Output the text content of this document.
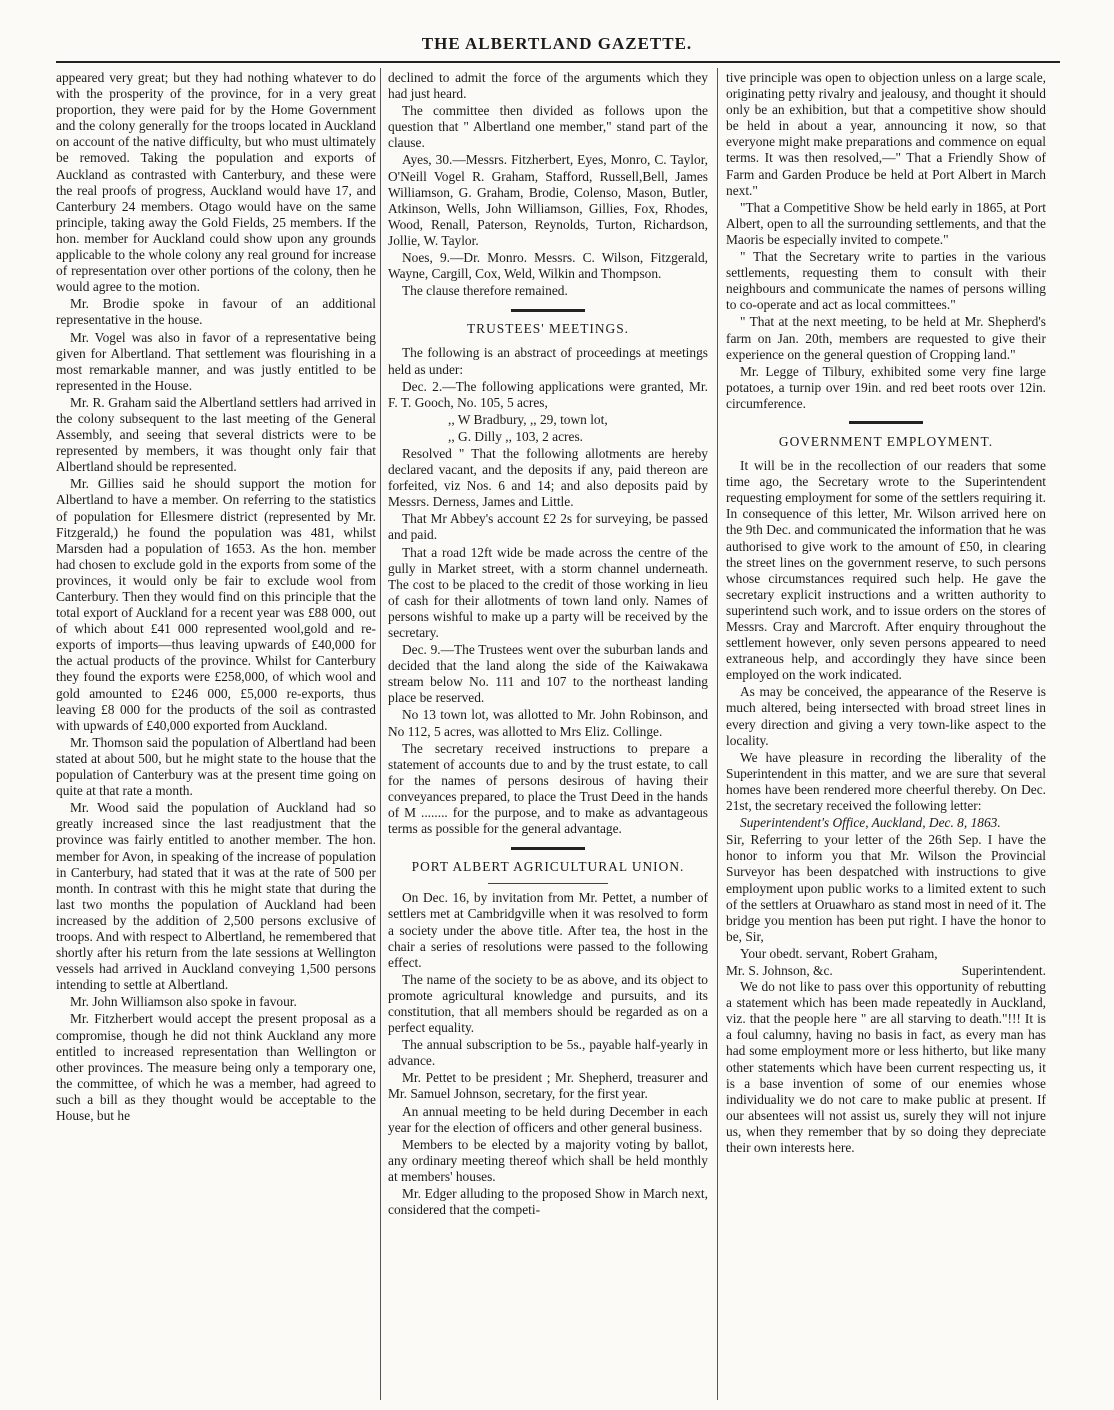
THE ALBERTLAND GAZETTE.

appeared very great; but they had nothing whatever to do with the prosperity of the province, for in a very great proportion, they were paid for by the Home Government and the colony generally for the troops located in Auckland on account of the native difficulty, but who must ultimately be removed. Taking the population and exports of Auckland as contrasted with Canterbury, and these were the real proofs of progress, Auckland would have 17, and Canterbury 24 members. Otago would have on the same principle, taking away the Gold Fields, 25 members. If the hon. member for Auckland could show upon any grounds applicable to the whole colony any real ground for increase of representation over other portions of the colony, then he would agree to the motion.

Mr. Brodie spoke in favour of an additional representative in the house.

Mr. Vogel was also in favor of a representative being given for Albertland. That settlement was flourishing in a most remarkable manner, and was justly entitled to be represented in the House.

Mr. R. Graham said the Albertland settlers had arrived in the colony subsequent to the last meeting of the General Assembly, and seeing that several districts were to be represented by members, it was thought only fair that Albertland should be represented.

Mr. Gillies said he should support the motion for Albertland to have a member. On referring to the statistics of population for Ellesmere district (represented by Mr. Fitzgerald,) he found the population was 481, whilst Marsden had a population of 1653. As the hon. member had chosen to exclude gold in the exports from some of the provinces, it would only be fair to exclude wool from Canterbury. Then they would find on this principle that the total export of Auckland for a recent year was £88 000, out of which about £41 000 represented wool,gold and re-exports of imports—thus leaving upwards of £40,000 for the actual products of the province. Whilst for Canterbury they found the exports were £258,000, of which wool and gold amounted to £246 000, £5,000 re-exports, thus leaving £8 000 for the products of the soil as contrasted with upwards of £40,000 exported from Auckland.

Mr. Thomson said the population of Albertland had been stated at about 500, but he might state to the house that the population of Canterbury was at the present time going on quite at that rate a month.

Mr. Wood said the population of Auckland had so greatly increased since the last readjustment that the province was fairly entitled to another member. The hon. member for Avon, in speaking of the increase of population in Canterbury, had stated that it was at the rate of 500 per month. In contrast with this he might state that during the last two months the population of Auckland had been increased by the addition of 2,500 persons exclusive of troops. And with respect to Albertland, he remembered that shortly after his return from the late sessions at Wellington vessels had arrived in Auckland conveying 1,500 persons intending to settle at Albertland.

Mr. John Williamson also spoke in favour.

Mr. Fitzherbert would accept the present proposal as a compromise, though he did not think Auckland any more entitled to increased representation than Wellington or other provinces. The measure being only a temporary one, the committee, of which he was a member, had agreed to such a bill as they thought would be acceptable to the House, but he

declined to admit the force of the arguments which they had just heard.

The committee then divided as follows upon the question that " Albertland one member," stand part of the clause.

Ayes, 30.—Messrs. Fitzherbert, Eyes, Monro, C. Taylor, O'Neill Vogel R. Graham, Stafford, Russell,Bell, James Williamson, G. Graham, Brodie, Colenso, Mason, Butler, Atkinson, Wells, John Williamson, Gillies, Fox, Rhodes, Wood, Renall, Paterson, Reynolds, Turton, Richardson, Jollie, W. Taylor.

Noes, 9.—Dr. Monro. Messrs. C. Wilson, Fitzgerald, Wayne, Cargill, Cox, Weld, Wilkin and Thompson.

The clause therefore remained.

TRUSTEES' MEETINGS.

The following is an abstract of proceedings at meetings held as under:

Dec. 2.—The following applications were granted, Mr. F. T. Gooch, No. 105, 5 acres,

,, W Bradbury, ,, 29, town lot,

,, G. Dilly ,, 103, 2 acres.

Resolved " That the following allotments are hereby declared vacant, and the deposits if any, paid thereon are forfeited, viz Nos. 6 and 14; and also deposits paid by Messrs. Derness, James and Little.

That Mr Abbey's account £2 2s for surveying, be passed and paid.

That a road 12ft wide be made across the centre of the gully in Market street, with a storm channel underneath. The cost to be placed to the credit of those working in lieu of cash for their allotments of town land only. Names of persons wishful to make up a party will be received by the secretary.

Dec. 9.—The Trustees went over the suburban lands and decided that the land along the side of the Kaiwakawa stream below No. 111 and 107 to the northeast landing place be reserved.

No 13 town lot, was allotted to Mr. John Robinson, and No 112, 5 acres, was allotted to Mrs Eliz. Collinge.

The secretary received instructions to prepare a statement of accounts due to and by the trust estate, to call for the names of persons desirous of having their conveyances prepared, to place the Trust Deed in the hands of M ........ for the purpose, and to make as advantageous terms as possible for the general advantage.

PORT ALBERT AGRICULTURAL UNION.

On Dec. 16, by invitation from Mr. Pettet, a number of settlers met at Cambridgville when it was resolved to form a society under the above title. After tea, the host in the chair a series of resolutions were passed to the following effect.

The name of the society to be as above, and its object to promote agricultural knowledge and pursuits, and its constitution, that all members should be regarded as on a perfect equality.

The annual subscription to be 5s., payable half-yearly in advance.

Mr. Pettet to be president ; Mr. Shepherd, treasurer and Mr. Samuel Johnson, secretary, for the first year.

An annual meeting to be held during December in each year for the election of officers and other general business.

Members to be elected by a majority voting by ballot, any ordinary meeting thereof which shall be held monthly at members' houses.

Mr. Edger alluding to the proposed Show in March next, considered that the competi-

tive principle was open to objection unless on a large scale, originating petty rivalry and jealousy, and thought it should only be an exhibition, but that a competitive show should be held in about a year, announcing it now, so that everyone might make preparations and commence on equal terms. It was then resolved,—" That a Friendly Show of Farm and Garden Produce be held at Port Albert in March next."

"That a Competitive Show be held early in 1865, at Port Albert, open to all the surrounding settlements, and that the Maoris be especially invited to compete."

" That the Secretary write to parties in the various settlements, requesting them to consult with their neighbours and communicate the names of persons willing to co-operate and act as local committees."

" That at the next meeting, to be held at Mr. Shepherd's farm on Jan. 20th, members are requested to give their experience on the general question of Cropping land."

Mr. Legge of Tilbury, exhibited some very fine large potatoes, a turnip over 19in. and red beet roots over 12in. circumference.

GOVERNMENT EMPLOYMENT.

It will be in the recollection of our readers that some time ago, the Secretary wrote to the Superintendent requesting employment for some of the settlers requiring it. In consequence of this letter, Mr. Wilson arrived here on the 9th Dec. and communicated the information that he was authorised to give work to the amount of £50, in clearing the street lines on the government reserve, to such persons whose circumstances required such help. He gave the secretary explicit instructions and a written authority to superintend such work, and to issue orders on the stores of Messrs. Cray and Marcroft. After enquiry throughout the settlement however, only seven persons appeared to need extraneous help, and accordingly they have since been employed on the work indicated.

As may be conceived, the appearance of the Reserve is much altered, being intersected with broad street lines in every direction and giving a very town-like aspect to the locality.

We have pleasure in recording the liberality of the Superintendent in this matter, and we are sure that several homes have been rendered more cheerful thereby. On Dec. 21st, the secretary received the following letter:

Superintendent's Office, Auckland, Dec. 8, 1863.

Sir, Referring to your letter of the 26th Sep. I have the honor to inform you that Mr. Wilson the Provincial Surveyor has been despatched with instructions to give employment upon public works to a limited extent to such of the settlers at Oruawharo as stand most in need of it. The bridge you mention has been put right. I have the honor to be, Sir,

Your obedt. servant, Robert Graham,

Mr. S. Johnson, &c.	Superintendent.

We do not like to pass over this opportunity of rebutting a statement which has been made repeatedly in Auckland, viz. that the people here " are all starving to death."!!! It is a foul calumny, having no basis in fact, as every man has had some employment more or less hitherto, but like many other statements which have been current respecting us, it is a base invention of some of our enemies whose individuality we do not care to make public at present. If our absentees will not assist us, surely they will not injure us, when they remember that by so doing they depreciate their own interests here.
